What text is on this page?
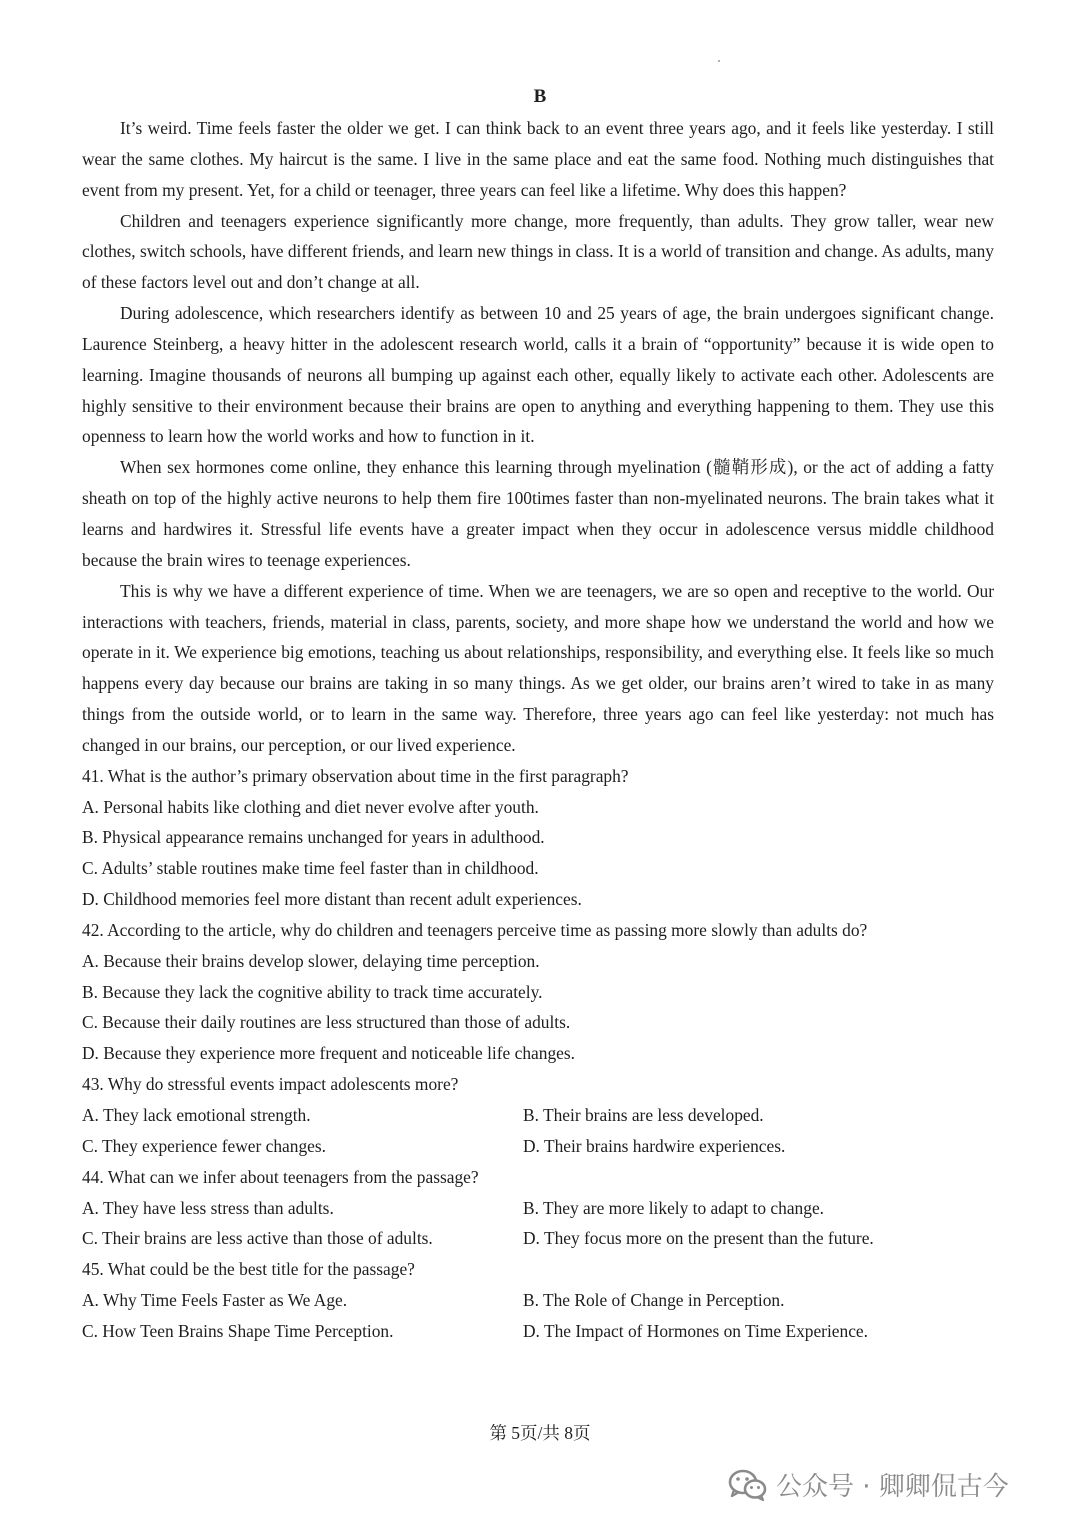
B

It’s weird. Time feels faster the older we get. I can think back to an event three years ago, and it feels like yesterday. I still wear the same clothes. My haircut is the same. I live in the same place and eat the same food. Nothing much distinguishes that event from my present. Yet, for a child or teenager, three years can feel like a lifetime. Why does this happen?

Children and teenagers experience significantly more change, more frequently, than adults. They grow taller, wear new clothes, switch schools, have different friends, and learn new things in class. It is a world of transition and change. As adults, many of these factors level out and don’t change at all.

During adolescence, which researchers identify as between 10 and 25 years of age, the brain undergoes significant change. Laurence Steinberg, a heavy hitter in the adolescent research world, calls it a brain of “opportunity” because it is wide open to learning. Imagine thousands of neurons all bumping up against each other, equally likely to activate each other. Adolescents are highly sensitive to their environment because their brains are open to anything and everything happening to them. They use this openness to learn how the world works and how to function in it.

When sex hormones come online, they enhance this learning through myelination (髓鞘形成), or the act of adding a fatty sheath on top of the highly active neurons to help them fire 100times faster than non-myelinated neurons. The brain takes what it learns and hardwires it. Stressful life events have a greater impact when they occur in adolescence versus middle childhood because the brain wires to teenage experiences.

This is why we have a different experience of time. When we are teenagers, we are so open and receptive to the world. Our interactions with teachers, friends, material in class, parents, society, and more shape how we understand the world and how we operate in it. We experience big emotions, teaching us about relationships, responsibility, and everything else. It feels like so much happens every day because our brains are taking in so many things. As we get older, our brains aren’t wired to take in as many things from the outside world, or to learn in the same way. Therefore, three years ago can feel like yesterday: not much has changed in our brains, our perception, or our lived experience.

41. What is the author’s primary observation about time in the first paragraph?

A. Personal habits like clothing and diet never evolve after youth.

B. Physical appearance remains unchanged for years in adulthood.

C. Adults’ stable routines make time feel faster than in childhood.

D. Childhood memories feel more distant than recent adult experiences.

42. According to the article, why do children and teenagers perceive time as passing more slowly than adults do?

A. Because their brains develop slower, delaying time perception.

B. Because they lack the cognitive ability to track time accurately.

C. Because their daily routines are less structured than those of adults.

D. Because they experience more frequent and noticeable life changes.

43. Why do stressful events impact adolescents more?

A. They lack emotional strength.	B. Their brains are less developed.
C. They experience fewer changes.	D. Their brains hardwire experiences.

44. What can we infer about teenagers from the passage?

A. They have less stress than adults.	B. They are more likely to adapt to change.
C. Their brains are less active than those of adults.	D. They focus more on the present than the future.

45. What could be the best title for the passage?

A. Why Time Feels Faster as We Age.	B. The Role of Change in Perception.
C. How Teen Brains Shape Time Perception.	D. The Impact of Hormones on Time Experience.
第 5页/共 8页
公众号 · 卿卿侃古今
